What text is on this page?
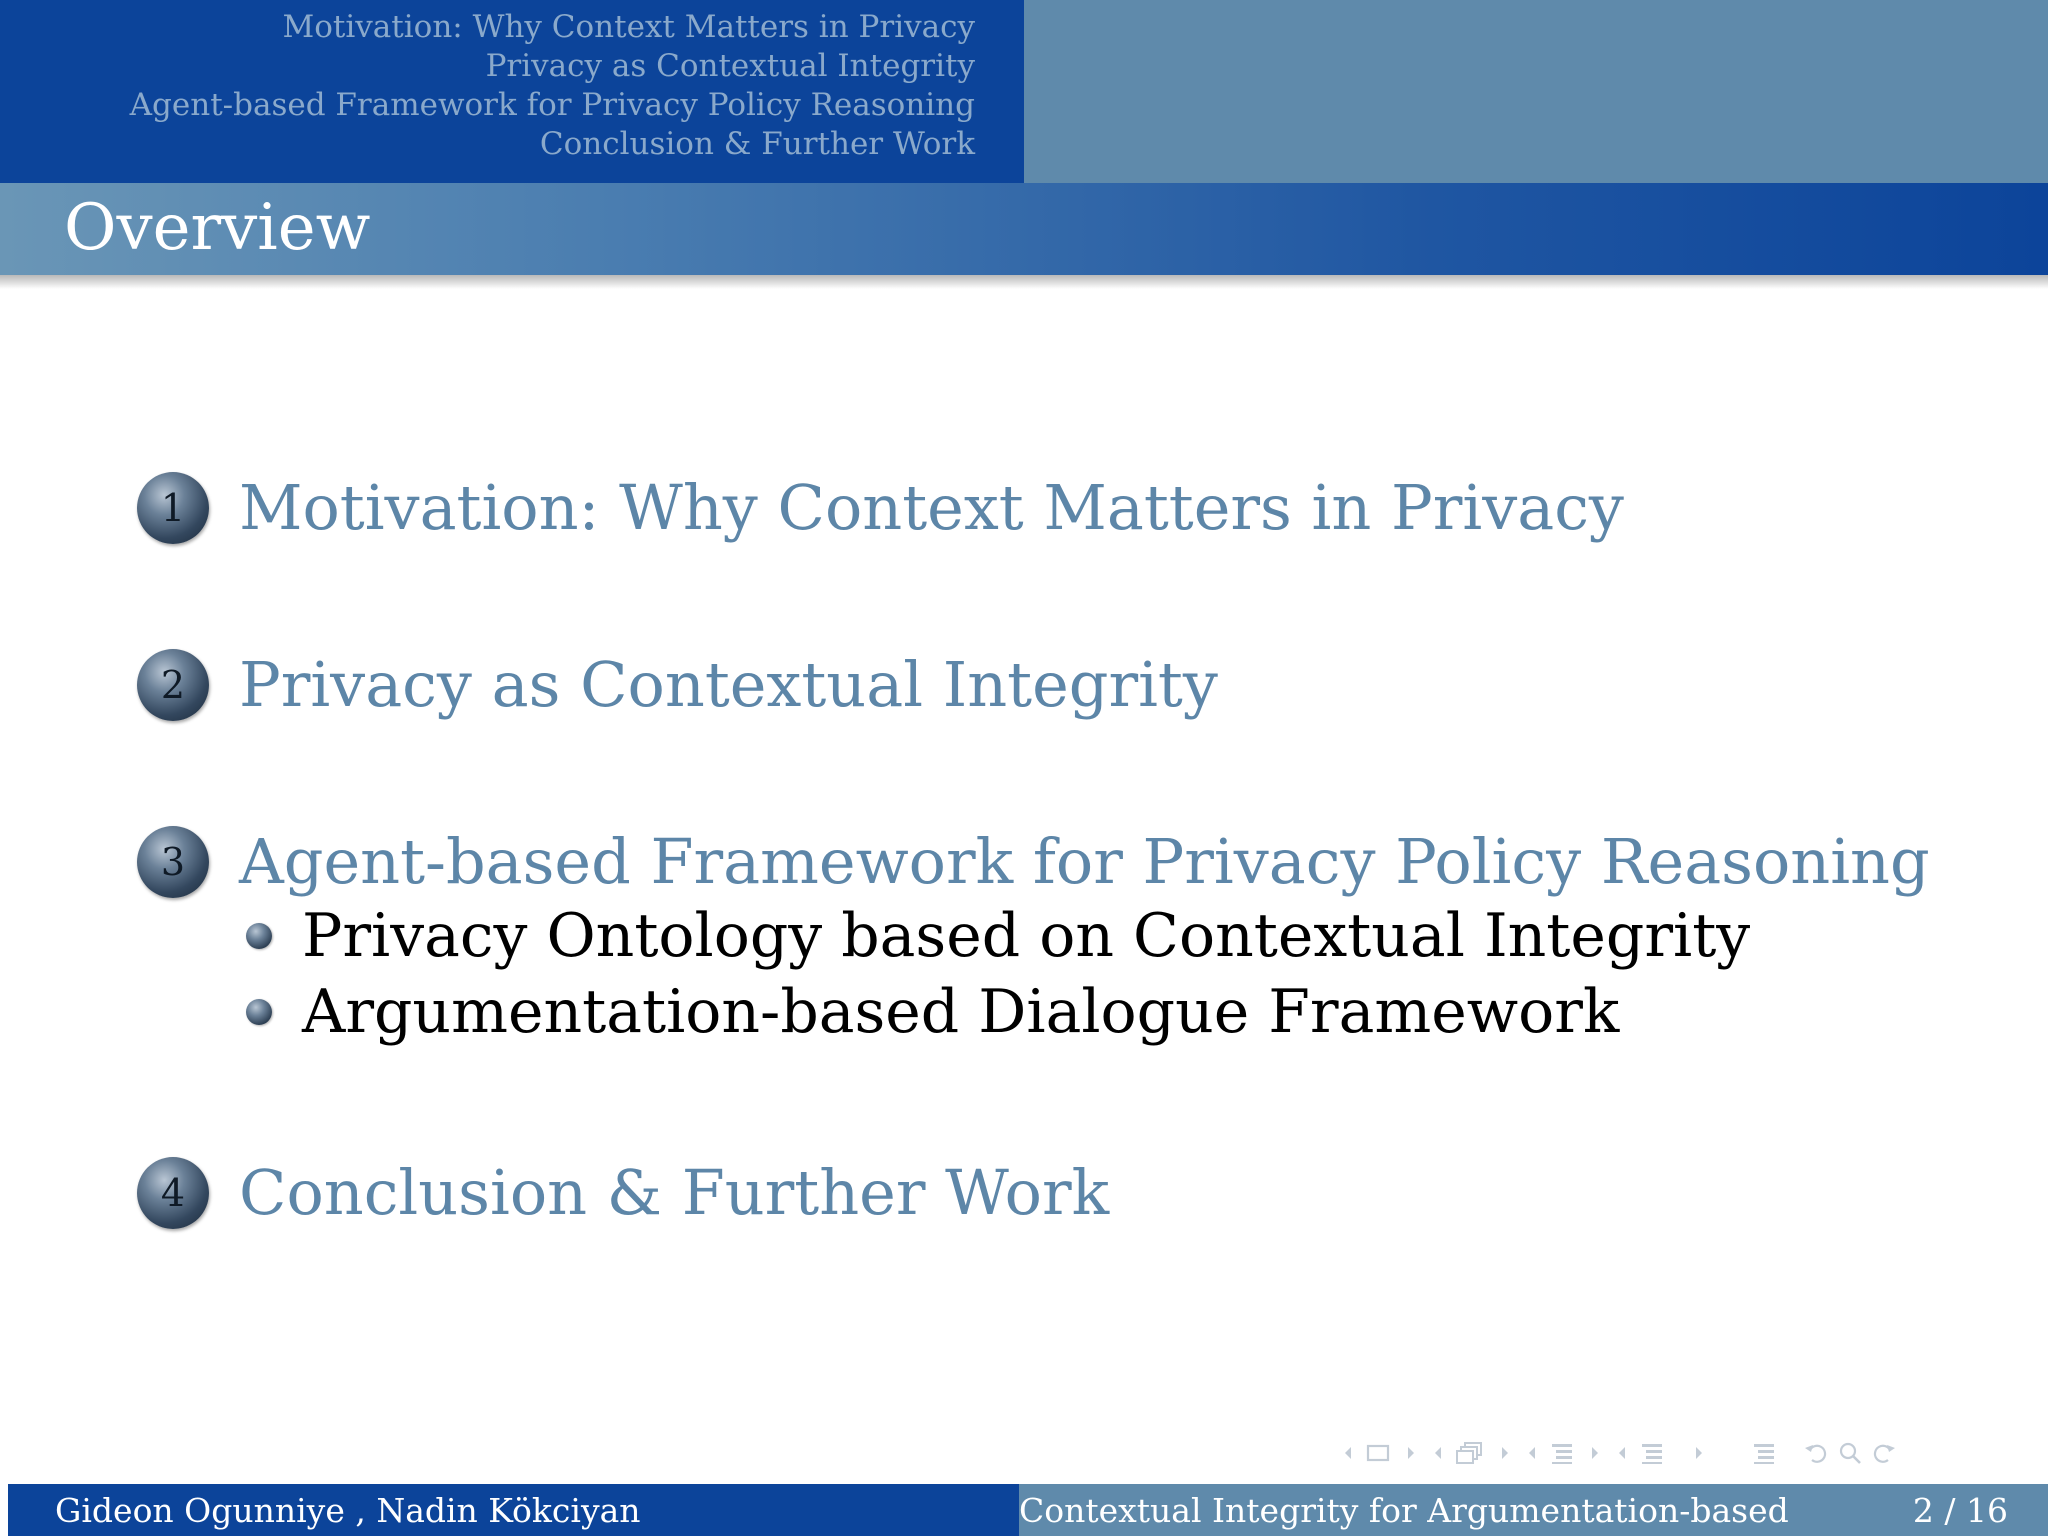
Motivation: Why Context Matters in Privacy
Privacy as Contextual Integrity
Agent-based Framework for Privacy Policy Reasoning
Conclusion & Further Work
Overview
1 Motivation: Why Context Matters in Privacy
2 Privacy as Contextual Integrity
3 Agent-based Framework for Privacy Policy Reasoning
Privacy Ontology based on Contextual Integrity
Argumentation-based Dialogue Framework
4 Conclusion & Further Work
Gideon Ogunniye , Nadin Kökciyan	Contextual Integrity for Argumentation-based	2 / 16
